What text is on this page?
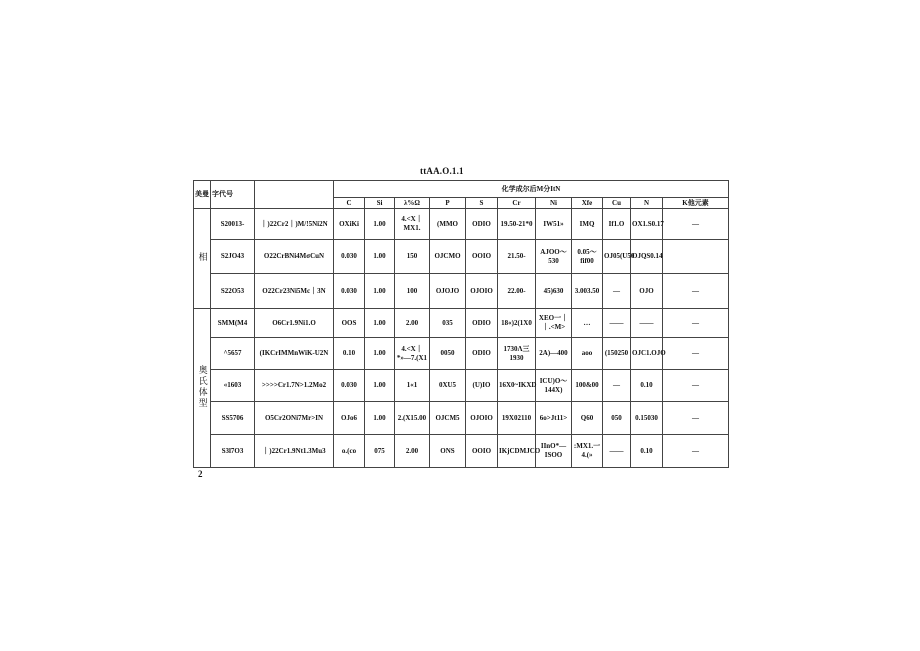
ttAA.O.1.1
美曼	字代号		化学成尔后M分ItN										
			C	Si	λ%Ω	P	S	Cr	Ni	Xfe	Cu	N	K他元素
相	S20013-	｜)22Cr2｜)M/!5Ni2N	OXiKi	1.00	4.<X｜MX1.	(MMO	ODIO	19.50-21*0	IW51»	IMQ	If1.O	OX1.S0.17	—
	S2JO43	O22CrBNi4MσCuN	0.030	1.00	150	OJCMO	OOIO	21.50-	AJOO～530	0.05～fif00	OJ05(U50	OJQS0.14	
	S22O53	O22Cr23Ni5Mc｜3N	0.030	1.00	100	OJOJO	OJOIO	22.00-	45)630	3.003.50	—	OJO	—
奥氏体型	SMM(M4	O6Cr1.9Ni1.O	OOS	1.00	2.00	035	ODIO	18«)2(1X0	XEO一｜｜.<M>	…	——	——	—
	^5657	(IKCrIMMnWiK-U2N	0.10	1.00	4.<X｜*»—7.(X1	0050	ODIO	1730Λ三1930	2A)—400	aoo	(150250	OJC1.OJO	—
	«1603	>>>>Cr1.7N>1.2Mo2	0.030	1.00	1«1	0XU5	(U)IO	16X0~IKXD	ICU)O～144X)	100&00	—	0.10	—
	SS5706	O5Cr2ONi7Mr>IN	OJo6	1.00	2.(X15.00	OJCM5	OJOIO	19X02110	6o>Jt11>	Q60	050	0.15030	—
	S3l7O3	｜)22Cr1.9Nt1.3Mu3	o.(co	075	2.00	ONS	OOIO	IKjCDMJCO	IInO*—ISOO	:MX1.一4.(»	——	0.10	—
2
